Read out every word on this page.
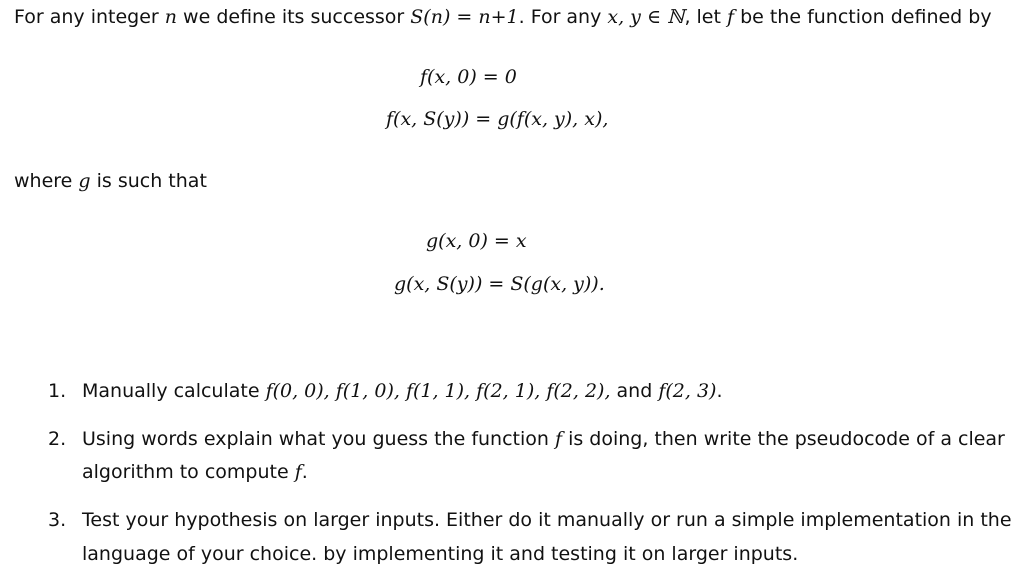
For any integer n we define its successor S(n) = n+1. For any x, y ∈ ℕ, let f be the function defined by
f(x, 0) = 0
f(x, S(y)) = g(f(x, y), x),
where g is such that
g(x, 0) = x
g(x, S(y)) = S(g(x, y)).
1. Manually calculate f(0, 0), f(1, 0), f(1, 1), f(2, 1), f(2, 2), and f(2, 3).
2. Using words explain what you guess the function f is doing, then write the pseudocode of a clear
algorithm to compute f.
3. Test your hypothesis on larger inputs. Either do it manually or run a simple implementation in the
language of your choice. by implementing it and testing it on larger inputs.
